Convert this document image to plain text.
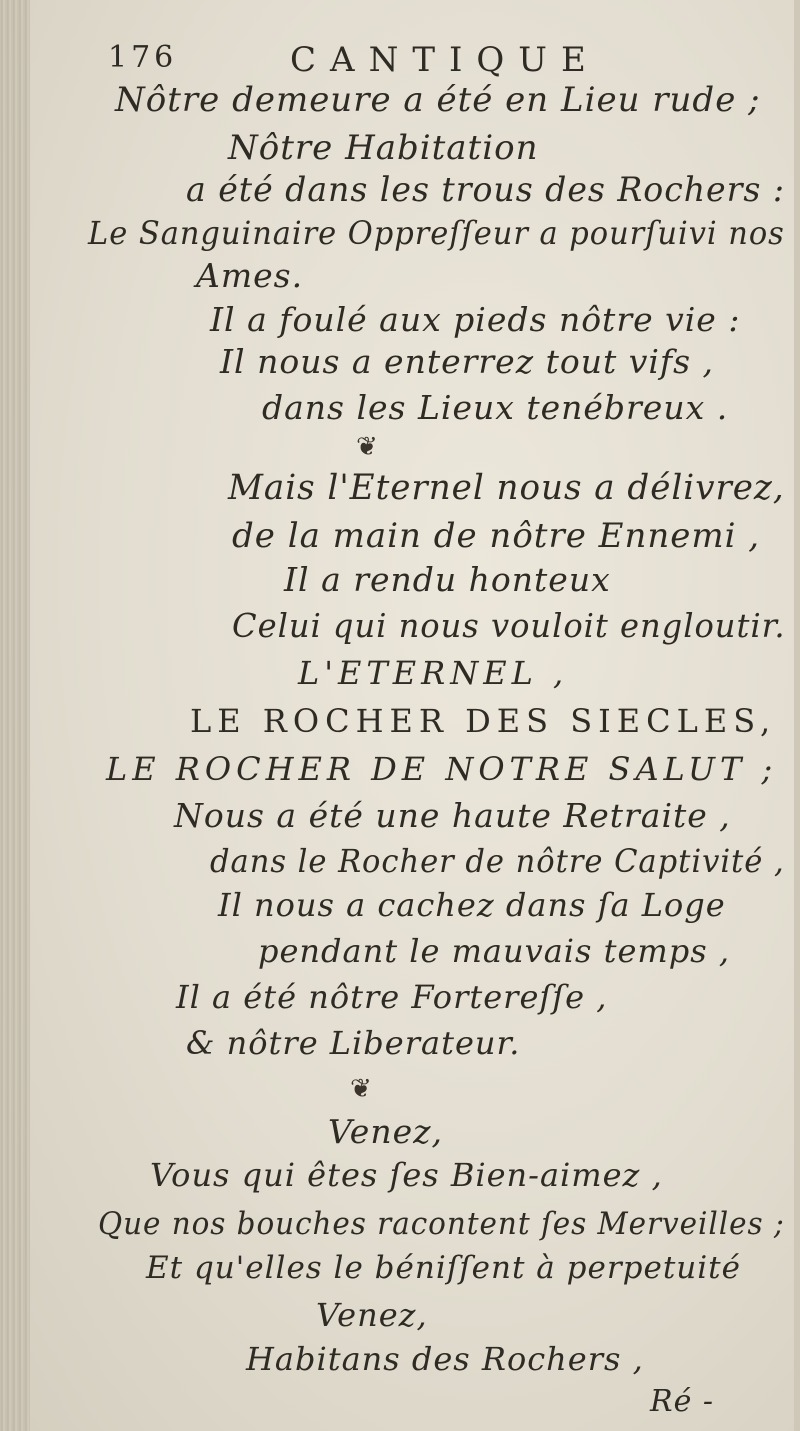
176	CANTIQUE
Nôtre demeure a été en Lieu rude ;
Nôtre Habitation
a été dans les trous des Rochers :
Le Sanguinaire Oppreſſeur a pourſuivi nos
Ames.
Il a foulé aux pieds nôtre vie :
Il nous a enterrez tout vifs ,
dans les Lieux tenébreux .
❦
Mais l'Eternel nous a délivrez,
de la main de nôtre Ennemi ,
Il a rendu honteux
Celui qui nous vouloit engloutir.
L'ETERNEL ,
LE ROCHER DES SIECLES,
LE ROCHER DE NOTRE SALUT ;
Nous a été une haute Retraite ,
dans le Rocher de nôtre Captivité ,
Il nous a cachez dans ſa Loge
pendant le mauvais temps ,
Il a été nôtre Fortereſſe ,
& nôtre Liberateur.
❦
Venez,
Vous qui êtes ſes Bien-aimez ,
Que nos bouches racontent ſes Merveilles ;
Et qu'elles le béniſſent à perpetuité
Venez,
Habitans des Rochers ,
Ré -
